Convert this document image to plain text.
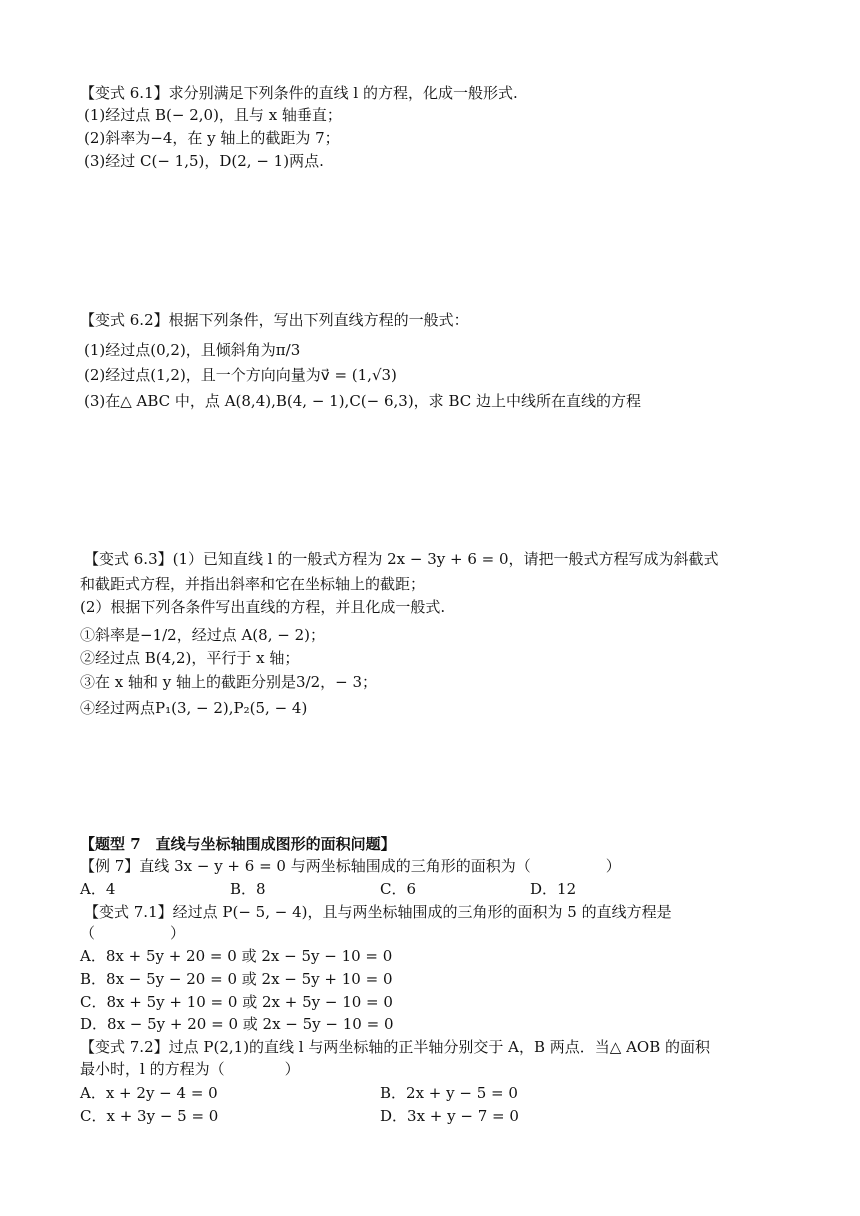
【变式 6.1】求分别满足下列条件的直线 l 的方程，化成一般形式.
(1)经过点 B(− 2,0)，且与 x 轴垂直；
(2)斜率为−4，在 y 轴上的截距为 7；
(3)经过 C(− 1,5)，D(2, − 1)两点.
【变式 6.2】根据下列条件，写出下列直线方程的一般式：
(1)经过点(0,2)，且倾斜角为π/3
(2)经过点(1,2)，且一个方向向量为v⃗ = (1,√3)
(3)在△ ABC 中，点 A(8,4),B(4, − 1),C(− 6,3)，求 BC 边上中线所在直线的方程
【变式 6.3】(1）已知直线 l 的一般式方程为 2x − 3y + 6 = 0，请把一般式方程写成为斜截式
和截距式方程，并指出斜率和它在坐标轴上的截距；
(2）根据下列各条件写出直线的方程，并且化成一般式.
①斜率是−1/2，经过点 A(8, − 2)；
②经过点 B(4,2)，平行于 x 轴；
③在 x 轴和 y 轴上的截距分别是3/2，− 3；
④经过两点P₁(3, − 2),P₂(5, − 4)
【题型 7　直线与坐标轴围成图形的面积问题】
【例 7】直线 3x − y + 6 = 0 与两坐标轴围成的三角形的面积为（　　　　　）
A．4	B．8	C．6	D．12
【变式 7.1】经过点 P(− 5, − 4)，且与两坐标轴围成的三角形的面积为 5 的直线方程是
（　　　　　）
A．8x + 5y + 20 = 0 或 2x − 5y − 10 = 0
B．8x − 5y − 20 = 0 或 2x − 5y + 10 = 0
C．8x + 5y + 10 = 0 或 2x + 5y − 10 = 0
D．8x − 5y + 20 = 0 或 2x − 5y − 10 = 0
【变式 7.2】过点 P(2,1)的直线 l 与两坐标轴的正半轴分别交于 A，B 两点．当△ AOB 的面积
最小时，l 的方程为（　　　　）
A．x + 2y − 4 = 0	B．2x + y − 5 = 0
C．x + 3y − 5 = 0	D．3x + y − 7 = 0
